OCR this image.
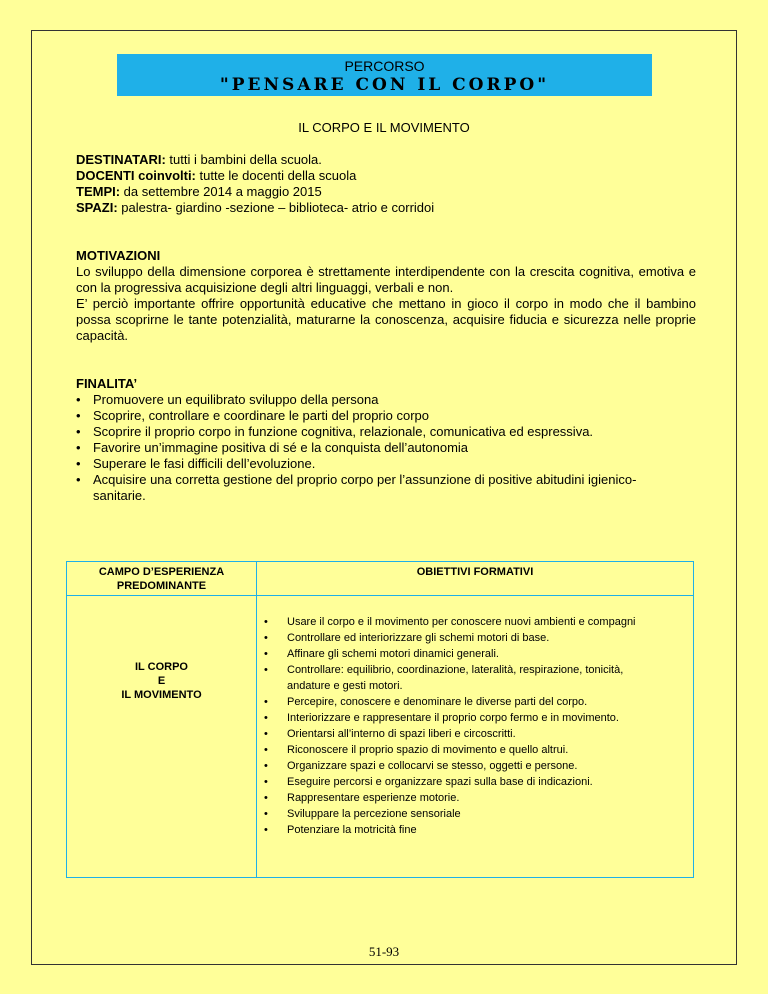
PERCORSO
"PENSARE CON IL CORPO"
IL CORPO E IL MOVIMENTO
DESTINATARI: tutti i bambini della scuola.
DOCENTI coinvolti: tutte le docenti della scuola
TEMPI: da settembre 2014 a maggio 2015
SPAZI: palestra- giardino -sezione – biblioteca- atrio e corridoi
MOTIVAZIONI

Lo sviluppo della dimensione corporea è strettamente interdipendente con la crescita cognitiva, emotiva e con la progressiva acquisizione degli altri linguaggi, verbali e non.

E’ perciò importante offrire opportunità educative che mettano in gioco il corpo in modo che il bambino possa scoprirne le tante potenzialità, maturarne la conoscenza, acquisire fiducia e sicurezza nelle proprie capacità.

FINALITA’
• Promuovere un equilibrato sviluppo della persona
• Scoprire, controllare e coordinare le parti del proprio corpo
• Scoprire il proprio corpo in funzione cognitiva, relazionale, comunicativa ed espressiva.
• Favorire un’immagine positiva di sé e la conquista dell’autonomia
• Superare le fasi difficili dell’evoluzione.
• Acquisire una corretta gestione del proprio corpo per l’assunzione di positive abitudini igienico-sanitarie.
CAMPO D’ESPERIENZA
PREDOMINANTE
OBIETTIVI FORMATIVI
IL CORPO
E
IL MOVIMENTO
• Usare il corpo e il movimento per conoscere nuovi ambienti e compagni
• Controllare ed interiorizzare gli schemi motori di base.
• Affinare gli schemi motori dinamici generali.
• Controllare: equilibrio, coordinazione, lateralità, respirazione, tonicità, andature e gesti motori.
• Percepire, conoscere e denominare le diverse parti del corpo.
• Interiorizzare e rappresentare il proprio corpo fermo e in movimento.
• Orientarsi all’interno di spazi liberi e circoscritti.
• Riconoscere il proprio spazio di movimento e quello altrui.
• Organizzare spazi e collocarvi se stesso, oggetti e persone.
• Eseguire percorsi e organizzare spazi sulla base di indicazioni.
• Rappresentare esperienze motorie.
• Sviluppare la percezione sensoriale
• Potenziare la motricità fine
51-93
